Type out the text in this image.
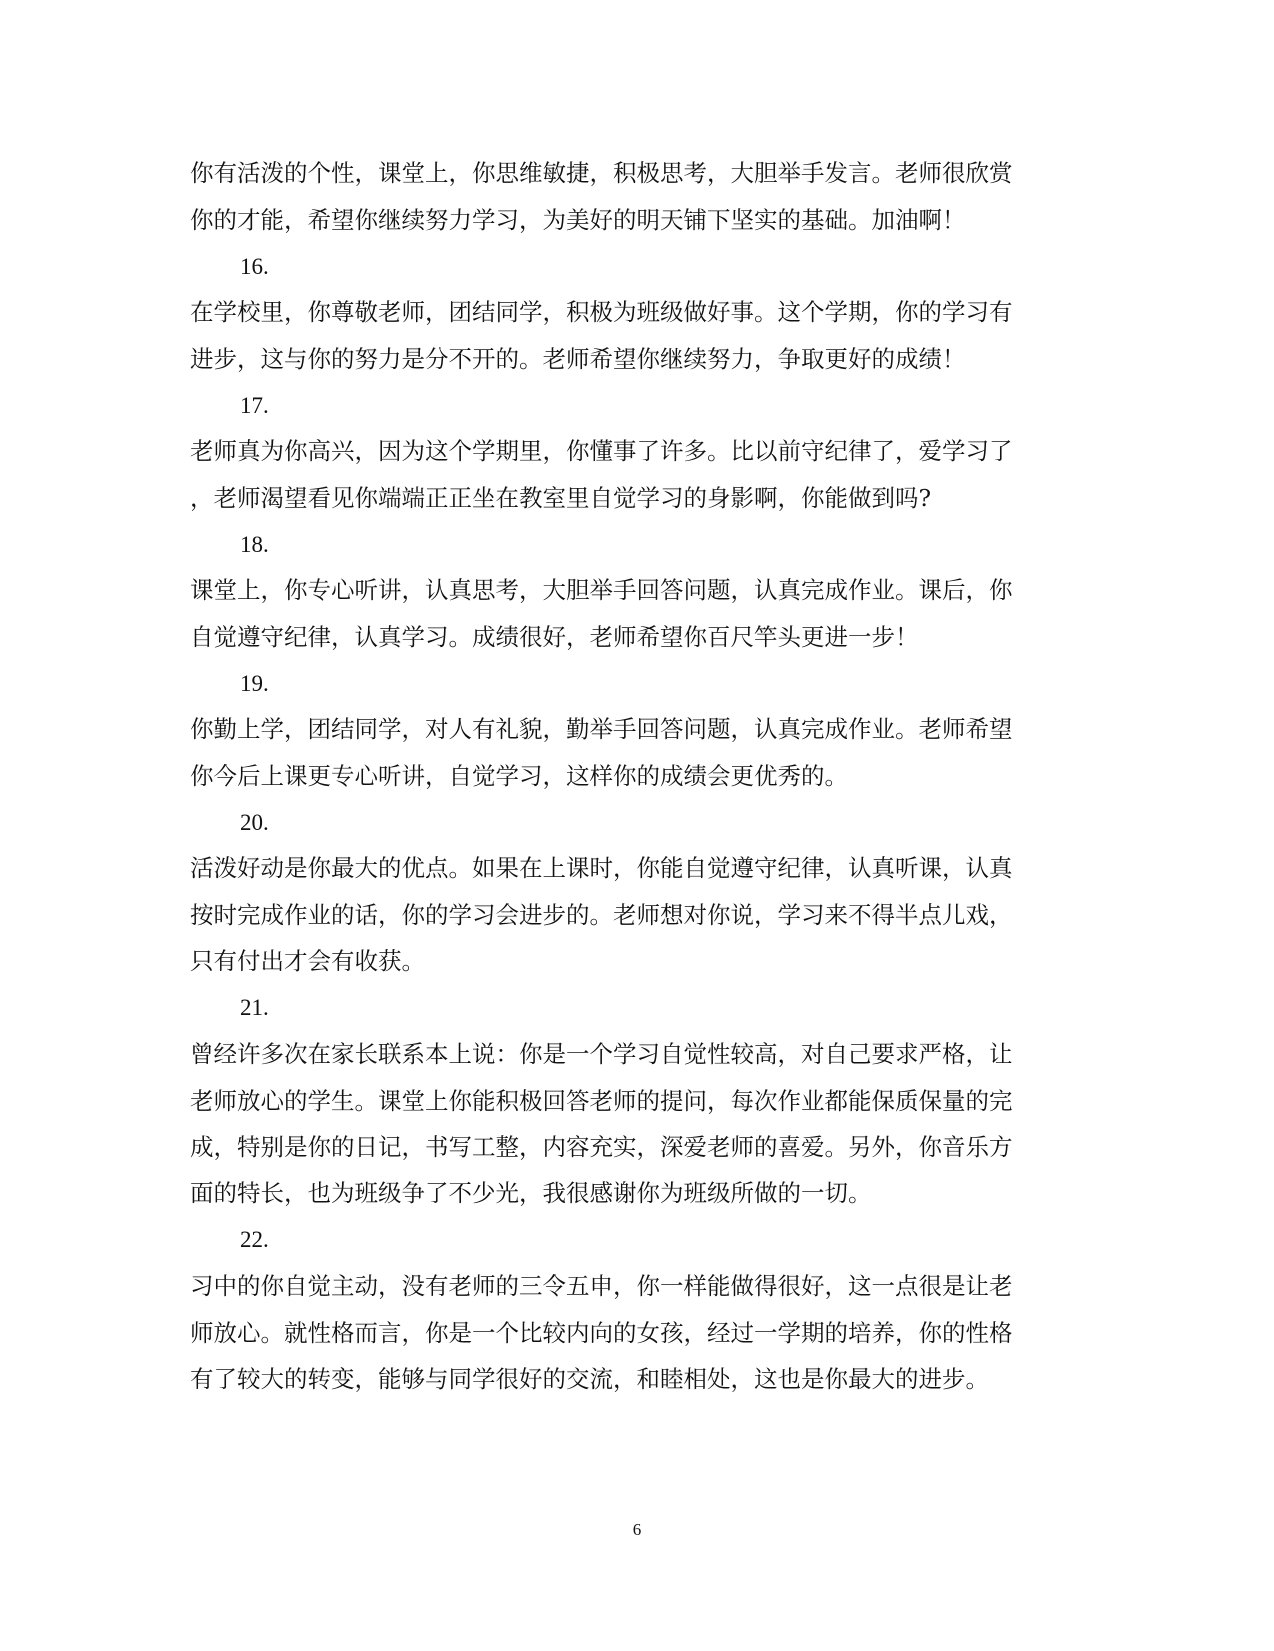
你有活泼的个性，课堂上，你思维敏捷，积极思考，大胆举手发言。老师很欣赏
你的才能，希望你继续努力学习，为美好的明天铺下坚实的基础。加油啊！
16.
在学校里，你尊敬老师，团结同学，积极为班级做好事。这个学期，你的学习有
进步，这与你的努力是分不开的。老师希望你继续努力，争取更好的成绩！
17.
老师真为你高兴，因为这个学期里，你懂事了许多。比以前守纪律了，爱学习了
，老师渴望看见你端端正正坐在教室里自觉学习的身影啊，你能做到吗?
18.
课堂上，你专心听讲，认真思考，大胆举手回答问题，认真完成作业。课后，你
自觉遵守纪律，认真学习。成绩很好，老师希望你百尺竿头更进一步！
19.
你勤上学，团结同学，对人有礼貌，勤举手回答问题，认真完成作业。老师希望
你今后上课更专心听讲，自觉学习，这样你的成绩会更优秀的。
20.
活泼好动是你最大的优点。如果在上课时，你能自觉遵守纪律，认真听课，认真
按时完成作业的话，你的学习会进步的。老师想对你说，学习来不得半点儿戏，
只有付出才会有收获。
21.
曾经许多次在家长联系本上说：你是一个学习自觉性较高，对自己要求严格，让
老师放心的学生。课堂上你能积极回答老师的提问，每次作业都能保质保量的完
成，特别是你的日记，书写工整，内容充实，深爱老师的喜爱。另外，你音乐方
面的特长，也为班级争了不少光，我很感谢你为班级所做的一切。
22.
习中的你自觉主动，没有老师的三令五申，你一样能做得很好，这一点很是让老
师放心。就性格而言，你是一个比较内向的女孩，经过一学期的培养，你的性格
有了较大的转变，能够与同学很好的交流，和睦相处，这也是你最大的进步。
6
